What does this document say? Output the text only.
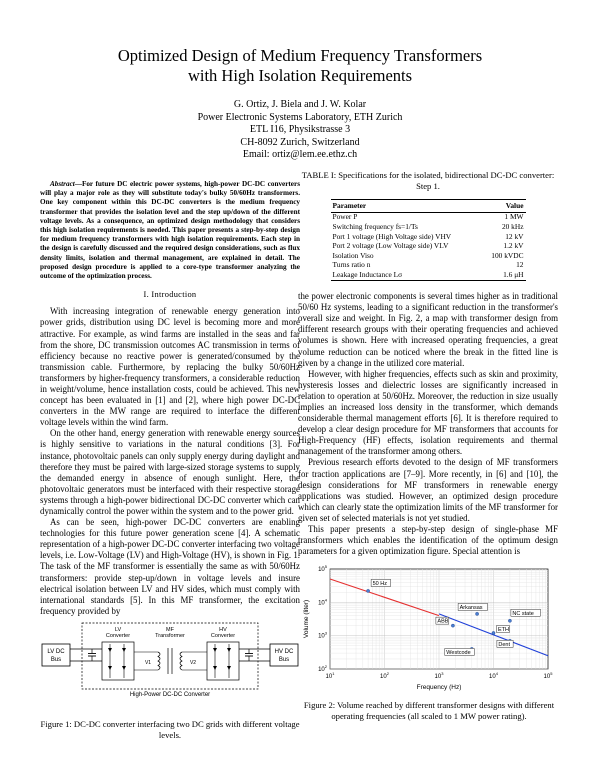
Optimized Design of Medium Frequency Transformers
with High Isolation Requirements
G. Ortiz, J. Biela and J. W. Kolar
Power Electronic Systems Laboratory, ETH Zurich
ETL I16, Physikstrasse 3
CH-8092 Zurich, Switzerland
Email: ortiz@lem.ee.ethz.ch

Abstract—For future DC electric power systems, high-power DC-DC converters will play a major role as they will substitute today's bulky 50/60Hz transformers. One key component within this DC-DC converters is the medium frequency transformer that provides the isolation level and the step up/down of the different voltage levels. As a consequence, an optimized design methodology that considers this high isolation requirements is needed. This paper presents a step-by-step design for medium frequency transformers with high isolation requirements. Each step in the design is carefully discussed and the required design considerations, such as flux density limits, isolation and thermal management, are explained in detail. The proposed design procedure is applied to a core-type transformer analyzing the outcome of the optimization process.

I. Introduction

With increasing integration of renewable energy generation into power grids, distribution using DC level is becoming more and more attractive. For example, as wind farms are installed in the seas and far from the shore, DC transmission outcomes AC transmission in terms of efficiency because no reactive power is generated/consumed by the transmission cable. Furthermore, by replacing the bulky 50/60Hz transformers by higher-frequency transformers, a considerable reduction in weight/volume, hence installation costs, could be achieved. This new concept has been evaluated in [1] and [2], where high power DC-DC converters in the MW range are required to interface the different voltage levels within the wind farm.

On the other hand, energy generation with renewable energy sources is highly sensitive to variations in the natural conditions [3]. For instance, photovoltaic panels can only supply energy during daylight and therefore they must be paired with large-sized storage systems to supply the demanded energy in absence of enough sunlight. Here, the photovoltaic generators must be interfaced with their respective storage systems through a high-power bidirectional DC-DC converter which can dynamically control the power within the system and to the power grid.

As can be seen, high-power DC-DC converters are enabling technologies for this future power generation scene [4]. A schematic representation of a high-power DC-DC converter interfacing two voltage levels, i.e. Low-Voltage (LV) and High-Voltage (HV), is shown in Fig. 1. The task of the MF transformer is essentially the same as with 50/60Hz transformers: provide step-up/down in voltage levels and insure electrical isolation between LV and HV sides, which must comply with international standards [5]. In this MF transformer, the excitation frequency provided by

High-Power DC-DC Converter
LV DC
Bus
HV DC
Bus
LV
Converter
MF
Transformer
HV
Converter
V1	V2
Figure 1: DC-DC converter interfacing two DC grids with different voltage levels.
TABLE I: Specifications for the isolated, bidirectional DC-DC converter: Step 1.
Parameter	Value
Power P	1 MW
Switching frequency fs=1/Ts	20 kHz
Port 1 voltage (High Voltage side) VHV	12 kV
Port 2 voltage (Low Voltage side) VLV	1.2 kV
Isolation Viso	100 kVDC
Turns ratio n	12
Leakage Inductance Lσ	1.6 μH

the power electronic components is several times higher as in traditional 50/60 Hz systems, leading to a significant reduction in the transformer's overall size and weight. In Fig. 2, a map with transformer design from different research groups with their operating frequencies and achieved volumes is shown. Here with increased operating frequencies, a great volume reduction can be noticed where the break in the fitted line is given by a change in the utilized core material.

However, with higher frequencies, effects such as skin and proximity, hysteresis losses and dielectric losses are significantly increased in relation to operation at 50/60Hz. Moreover, the reduction in size usually implies an increased loss density in the transformer, which demands considerable thermal management efforts [6]. It is therefore required to develop a clear design procedure for MF transformers that accounts for High-Frequency (HF) effects, isolation requirements and thermal management of the transformer among others.

Previous research efforts devoted to the design of MF transformers for traction applications are [7–9]. More recently, in [6] and [10], the design considerations for MF transformers in renewable energy applications was studied. However, an optimized design procedure which can clearly state the optimization limits of the MF transformer for given set of selected materials is not yet studied.

This paper presents a step-by-step design of single-phase MF transformers which enables the identification of the optimum design parameters for a given optimization figure. Special attention is

$10^1$
$10^2$
$10^3$
$10^4$
$10^5$
$10^2$
$10^3$
$10^4$
$10^5$
50 Hz
Arkansas
NC state
ABB
ETH
Westcode
Dent
Frequency (Hz)
Volume (liter)
Figure 2: Volume reached by different transformer designs with different operating frequencies (all scaled to 1 MW power rating).
